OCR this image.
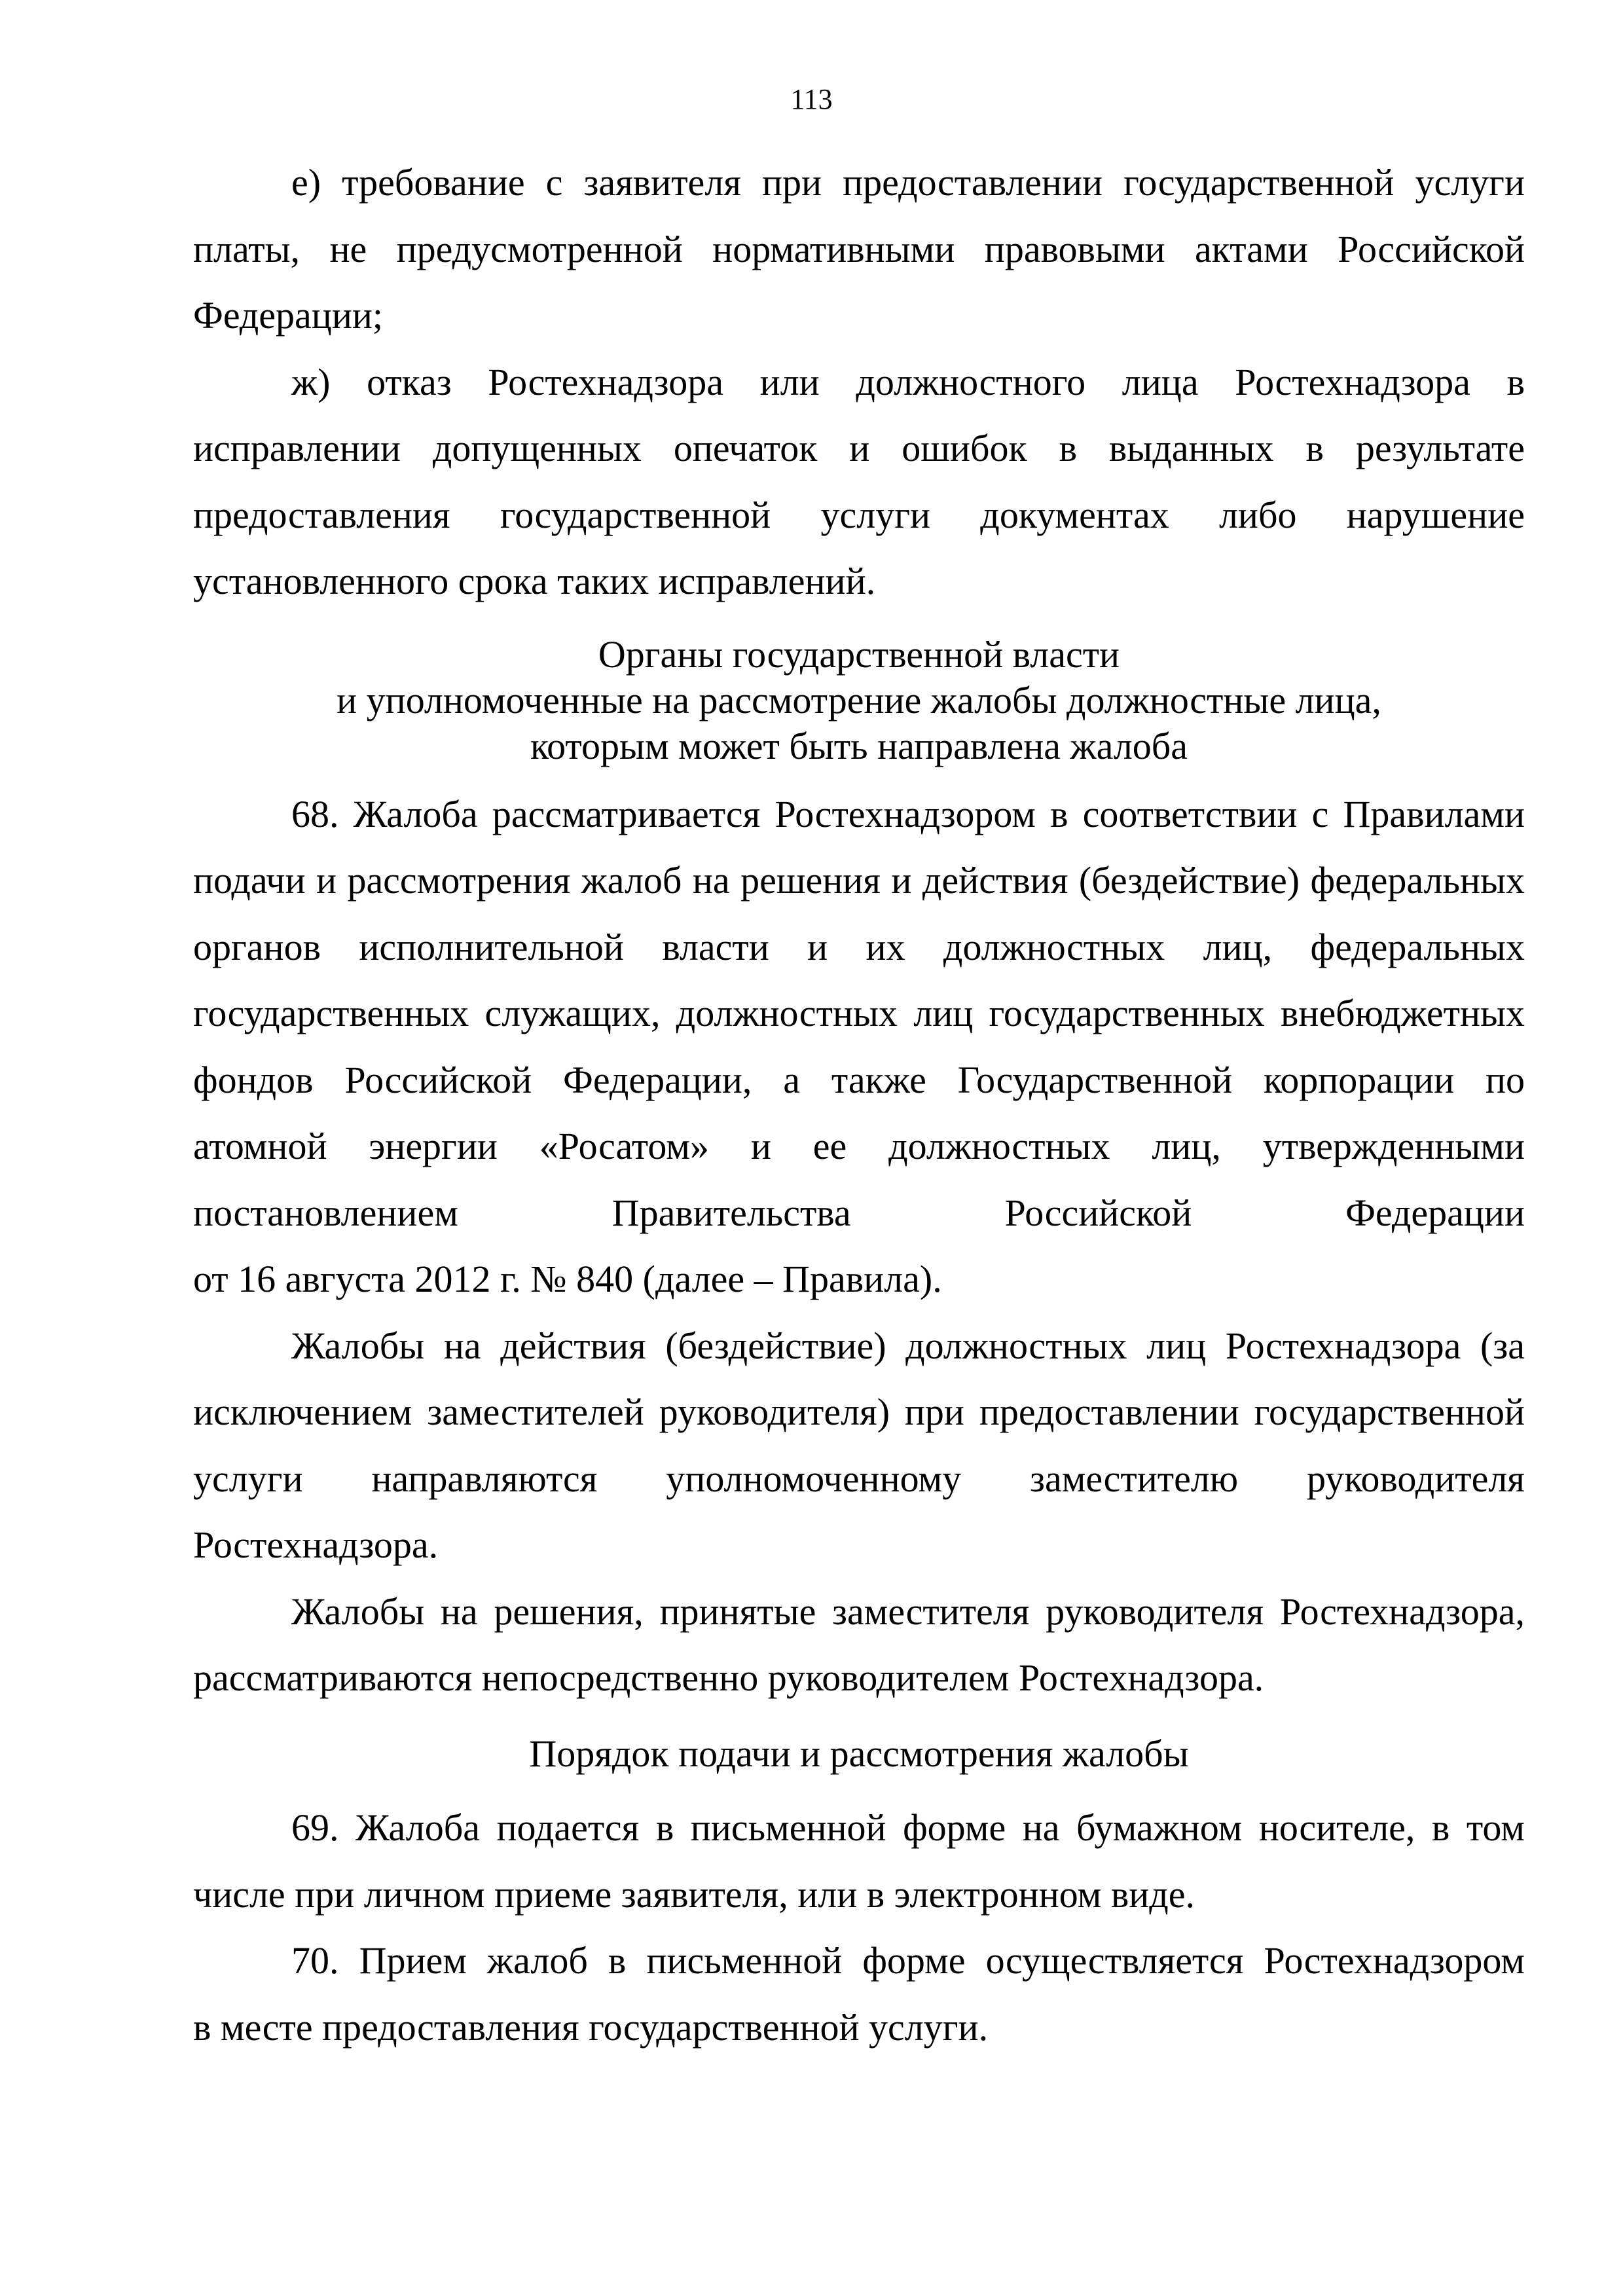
113

е) требование с заявителя при предоставлении государственной услуги

платы, не предусмотренной нормативными правовыми актами Российской

Федерации;

ж) отказ Ростехнадзора или должностного лица Ростехнадзора в

исправлении допущенных опечаток и ошибок в выданных в результате

предоставления государственной услуги документах либо нарушение

установленного срока таких исправлений.

Органы государственной власти

и уполномоченные на рассмотрение жалобы должностные лица,

которым может быть направлена жалоба

68. Жалоба рассматривается Ростехнадзором в соответствии с Правилами

подачи и рассмотрения жалоб на решения и действия (бездействие) федеральных

органов исполнительной власти и их должностных лиц, федеральных

государственных служащих, должностных лиц государственных внебюджетных

фондов Российской Федерации, а также Государственной корпорации по

атомной энергии «Росатом» и ее должностных лиц, утвержденными

постановлением Правительства Российской Федерации

от 16 августа 2012 г. № 840 (далее – Правила).

Жалобы на действия (бездействие) должностных лиц Ростехнадзора (за

исключением заместителей руководителя) при предоставлении государственной

услуги направляются уполномоченному заместителю руководителя

Ростехнадзора.

Жалобы на решения, принятые заместителя руководителя Ростехнадзора,

рассматриваются непосредственно руководителем Ростехнадзора.

Порядок подачи и рассмотрения жалобы

69. Жалоба подается в письменной форме на бумажном носителе, в том

числе при личном приеме заявителя, или в электронном виде.

70. Прием жалоб в письменной форме осуществляется Ростехнадзором

в месте предоставления государственной услуги.
